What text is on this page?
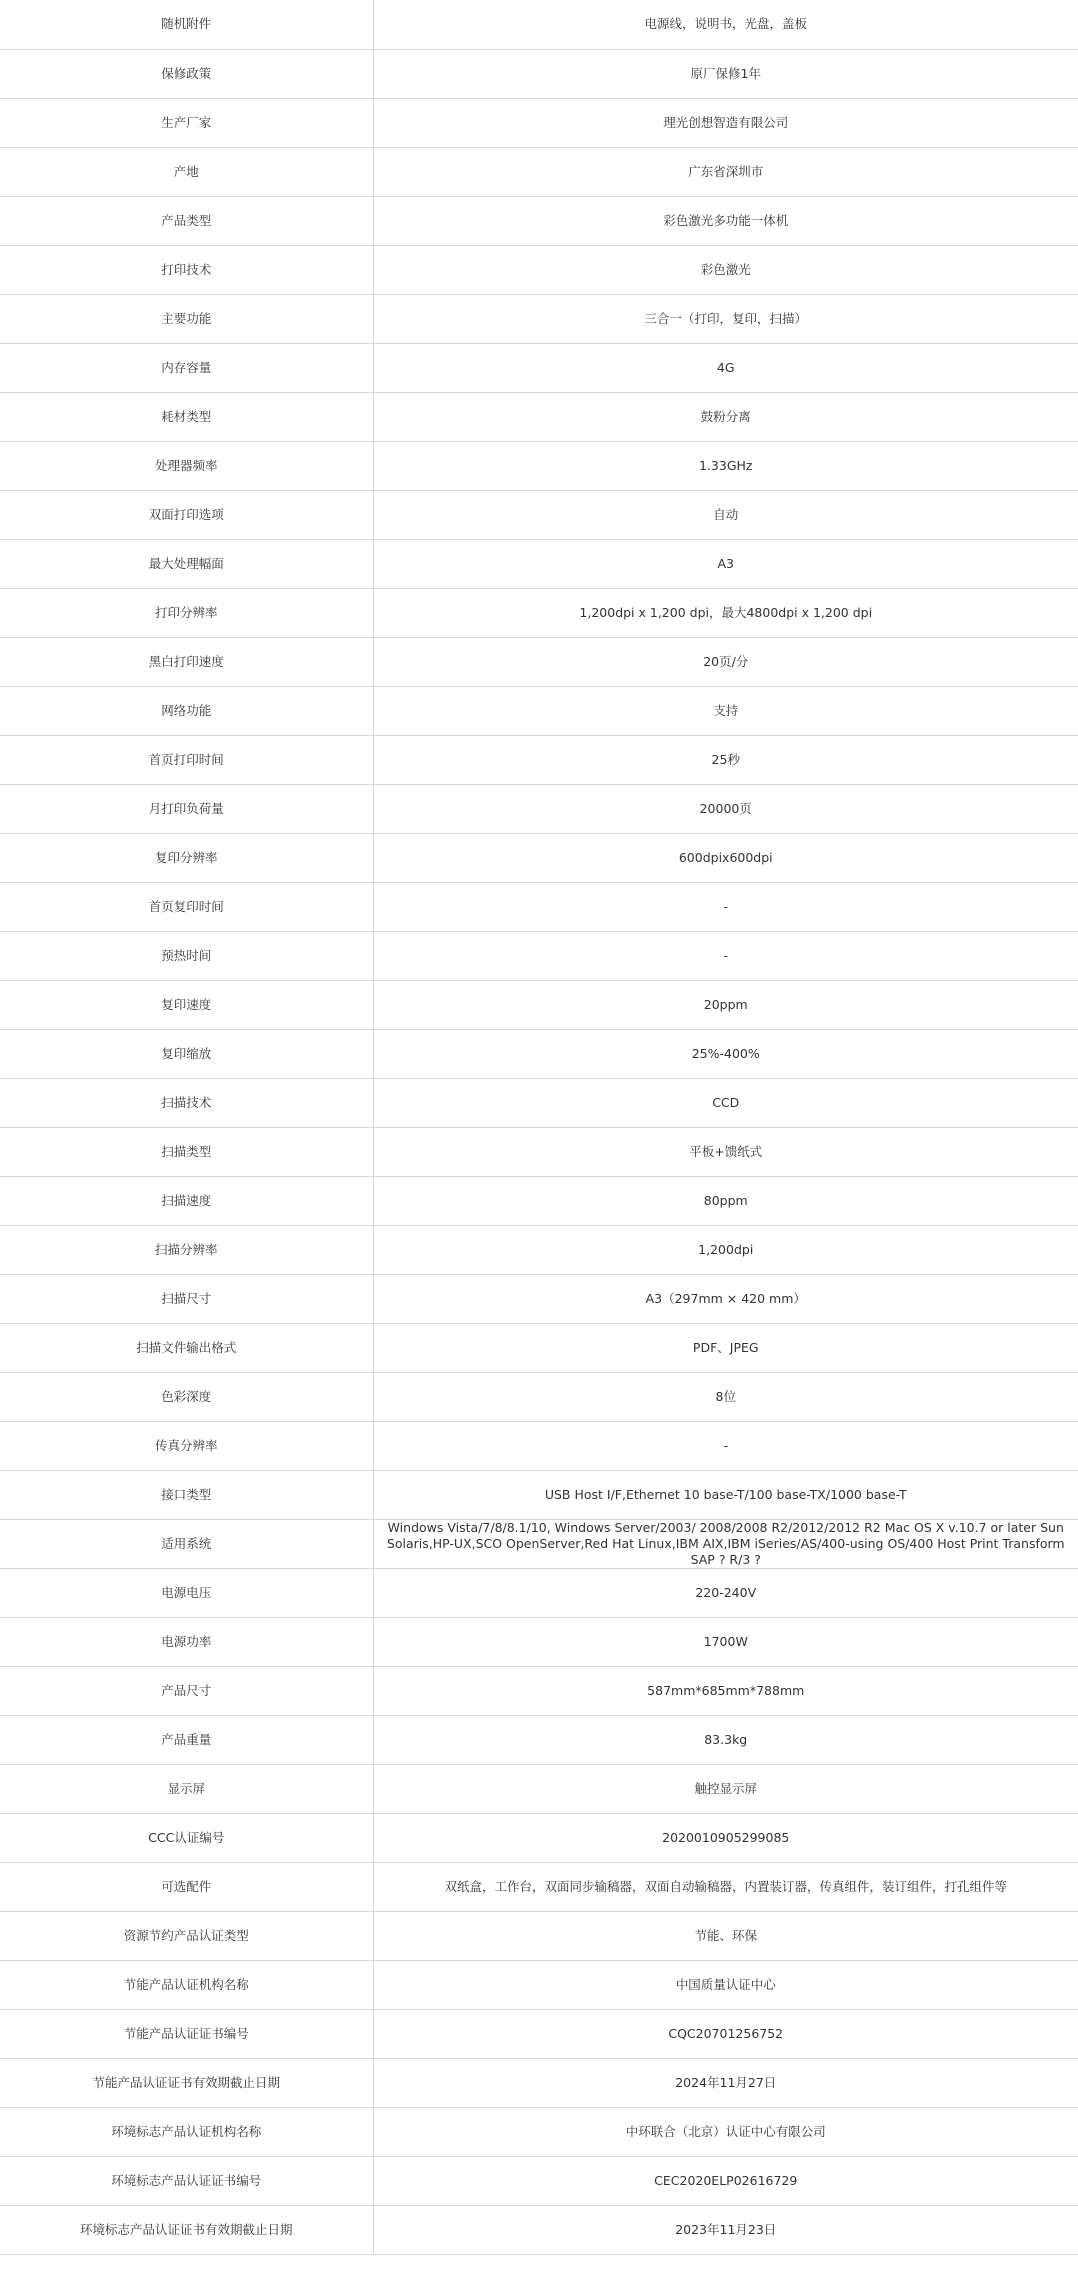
随机附件	电源线，说明书，光盘，盖板
保修政策	原厂保修1年
生产厂家	理光创想智造有限公司
产地	广东省深圳市
产品类型	彩色激光多功能一体机
打印技术	彩色激光
主要功能	三合一（打印，复印，扫描）
内存容量	4G
耗材类型	鼓粉分离
处理器频率	1.33GHz
双面打印选项	自动
最大处理幅面	A3
打印分辨率	1,200dpi x 1,200 dpi，最大4800dpi x 1,200 dpi
黑白打印速度	20页/分
网络功能	支持
首页打印时间	25秒
月打印负荷量	20000页
复印分辨率	600dpix600dpi
首页复印时间	-
预热时间	-
复印速度	20ppm
复印缩放	25%-400%
扫描技术	CCD
扫描类型	平板+馈纸式
扫描速度	80ppm
扫描分辨率	1,200dpi
扫描尺寸	A3（297mm × 420 mm）
扫描文件输出格式	PDF、JPEG
色彩深度	8位
传真分辨率	-
接口类型	USB Host I/F,Ethernet 10 base-T/100 base-TX/1000 base-T
适用系统	Windows Vista/7/8/8.1/10, Windows Server/2003/ 2008/2008 R2/2012/2012 R2 Mac OS X v.10.7 or later Sun Solaris,HP-UX,SCO OpenServer,Red Hat Linux,IBM AIX,IBM iSeries/AS/400-using OS/400 Host Print Transform SAP ? R/3 ?
电源电压	220-240V
电源功率	1700W
产品尺寸	587mm*685mm*788mm
产品重量	83.3kg
显示屏	触控显示屏
CCC认证编号	2020010905299085
可选配件	双纸盒，工作台，双面同步输稿器，双面自动输稿器，内置装订器，传真组件，装订组件，打孔组件等
资源节约产品认证类型	节能、环保
节能产品认证机构名称	中国质量认证中心
节能产品认证证书编号	CQC20701256752
节能产品认证证书有效期截止日期	2024年11月27日
环境标志产品认证机构名称	中环联合（北京）认证中心有限公司
环境标志产品认证证书编号	CEC2020ELP02616729
环境标志产品认证证书有效期截止日期	2023年11月23日
